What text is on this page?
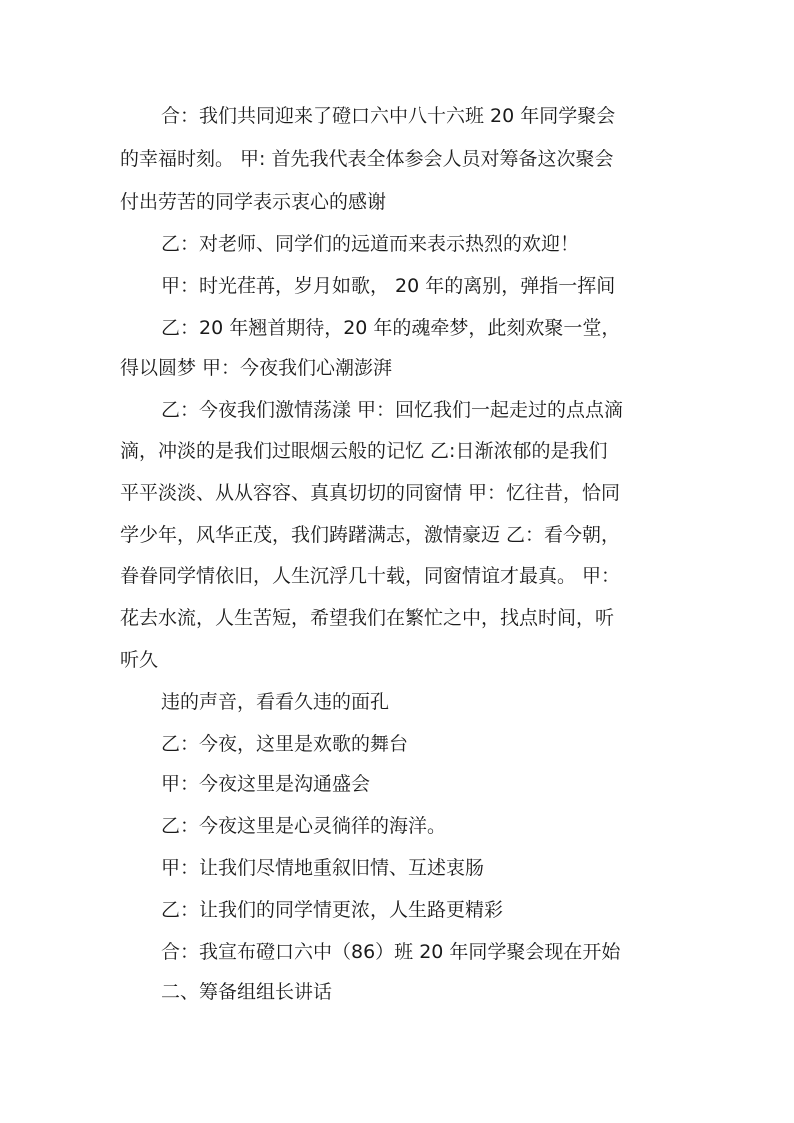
合：我们共同迎来了磴口六中八十六班 20 年同学聚会
的幸福时刻。 甲: 首先我代表全体参会人员对筹备这次聚会
付出劳苦的同学表示衷心的感谢
乙：对老师、同学们的远道而来表示热烈的欢迎！
甲：时光荏苒，岁月如歌， 20 年的离别，弹指一挥间
乙：20 年翘首期待，20 年的魂牵梦，此刻欢聚一堂，
得以圆梦 甲：今夜我们心潮澎湃
乙：今夜我们激情荡漾 甲：回忆我们一起走过的点点滴
滴，冲淡的是我们过眼烟云般的记忆 乙:日渐浓郁的是我们
平平淡淡、从从容容、真真切切的同窗情 甲：忆往昔，恰同
学少年，风华正茂，我们踌躇满志，激情豪迈 乙：看今朝，
眷眷同学情依旧，人生沉浮几十载，同窗情谊才最真。 甲：
花去水流，人生苦短，希望我们在繁忙之中，找点时间，听
听久
违的声音，看看久违的面孔
乙：今夜，这里是欢歌的舞台
甲：今夜这里是沟通盛会
乙：今夜这里是心灵徜徉的海洋。
甲：让我们尽情地重叙旧情、互述衷肠
乙：让我们的同学情更浓，人生路更精彩
合：我宣布磴口六中（86）班 20 年同学聚会现在开始
二、筹备组组长讲话
